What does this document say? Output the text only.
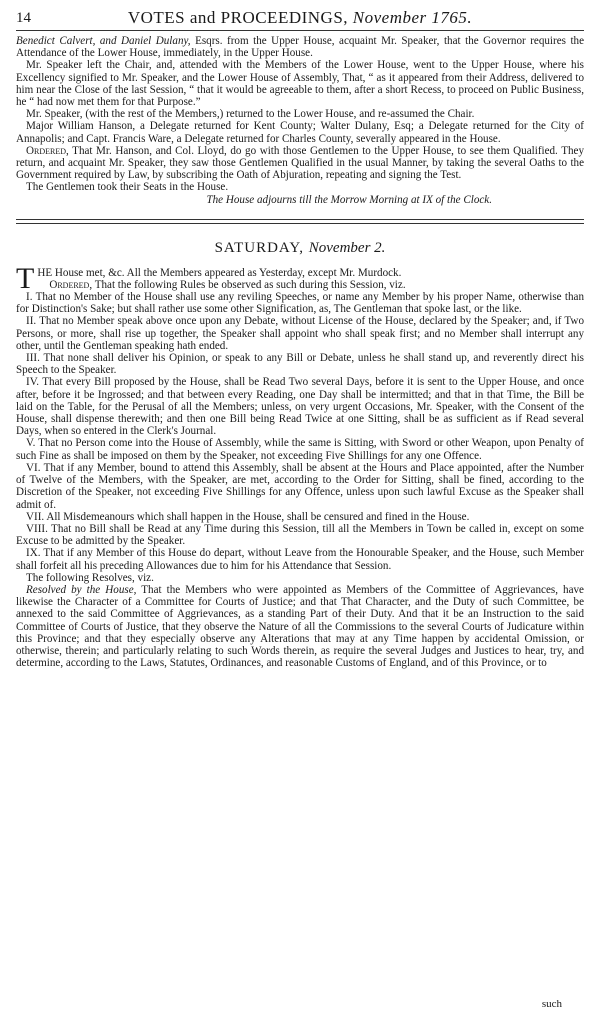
14	VOTES and PROCEEDINGS, November 1765.

Benedict Calvert, and Daniel Dulany, Esqrs. from the Upper House, acquaint Mr. Speaker, that the Governor requires the Attendance of the Lower House, immediately, in the Upper House.

Mr. Speaker left the Chair, and, attended with the Members of the Lower House, went to the Upper House, where his Excellency signified to Mr. Speaker, and the Lower House of Assembly, That, “ as it appeared from their Address, delivered to him near the Close of the last Session, “ that it would be agreeable to them, after a short Recess, to proceed on Public Business, he “ had now met them for that Purpose.”

Mr. Speaker, (with the rest of the Members,) returned to the Lower House, and re-assumed the Chair.

Major William Hanson, a Delegate returned for Kent County; Walter Dulany, Esq; a Delegate returned for the City of Annapolis; and Capt. Francis Ware, a Delegate returned for Charles County, severally appeared in the House.

Ordered, That Mr. Hanson, and Col. Lloyd, do go with those Gentlemen to the Upper House, to see them Qualified. They return, and acquaint Mr. Speaker, they saw those Gentlemen Qualified in the usual Manner, by taking the several Oaths to the Government required by Law, by subscribing the Oath of Abjuration, repeating and signing the Test.

The Gentlemen took their Seats in the House.

The House adjourns till the Morrow Morning at IX of the Clock.
SATURDAY, November 2.

THE House met, &c. All the Members appeared as Yesterday, except Mr. Murdock.
Ordered, That the following Rules be observed as such during this Session, viz.

I. That no Member of the House shall use any reviling Speeches, or name any Member by his proper Name, otherwise than for Distinction's Sake; but shall rather use some other Signification, as, The Gentleman that spoke last, or the like.

II. That no Member speak above once upon any Debate, without License of the House, declared by the Speaker; and, if Two Persons, or more, shall rise up together, the Speaker shall appoint who shall speak first; and no Member shall interrupt any other, until the Gentleman speaking hath ended.

III. That none shall deliver his Opinion, or speak to any Bill or Debate, unless he shall stand up, and reverently direct his Speech to the Speaker.

IV. That every Bill proposed by the House, shall be Read Two several Days, before it is sent to the Upper House, and once after, before it be Ingrossed; and that between every Reading, one Day shall be intermitted; and that in that Time, the Bill be laid on the Table, for the Perusal of all the Members; unless, on very urgent Occasions, Mr. Speaker, with the Consent of the House, shall dispense therewith; and then one Bill being Read Twice at one Sitting, shall be as sufficient as if Read several Days, when so entered in the Clerk's Journal.

V. That no Person come into the House of Assembly, while the same is Sitting, with Sword or other Weapon, upon Penalty of such Fine as shall be imposed on them by the Speaker, not exceeding Five Shillings for any one Offence.

VI. That if any Member, bound to attend this Assembly, shall be absent at the Hours and Place appointed, after the Number of Twelve of the Members, with the Speaker, are met, according to the Order for Sitting, shall be fined, according to the Discretion of the Speaker, not exceeding Five Shillings for any Offence, unless upon such lawful Excuse as the Speaker shall admit of.

VII. All Misdemeanours which shall happen in the House, shall be censured and fined in the House.

VIII. That no Bill shall be Read at any Time during this Session, till all the Members in Town be called in, except on some Excuse to be admitted by the Speaker.

IX. That if any Member of this House do depart, without Leave from the Honourable Speaker, and the House, such Member shall forfeit all his preceding Allowances due to him for his Attendance that Session.

The following Resolves, viz.

Resolved by the House, That the Members who were appointed as Members of the Committee of Aggrievances, have likewise the Character of a Committee for Courts of Justice; and that That Character, and the Duty of such Committee, be annexed to the said Committee of Aggrievances, as a standing Part of their Duty. And that it be an Instruction to the said Committee of Courts of Justice, that they observe the Nature of all the Commissions to the several Courts of Judicature within this Province; and that they especially observe any Alterations that may at any Time happen by accidental Omission, or otherwise, therein; and particularly relating to such Words therein, as require the several Judges and Justices to hear, try, and determine, according to the Laws, Statutes, Ordinances, and reasonable Customs of England, and of this Province, or to

such
